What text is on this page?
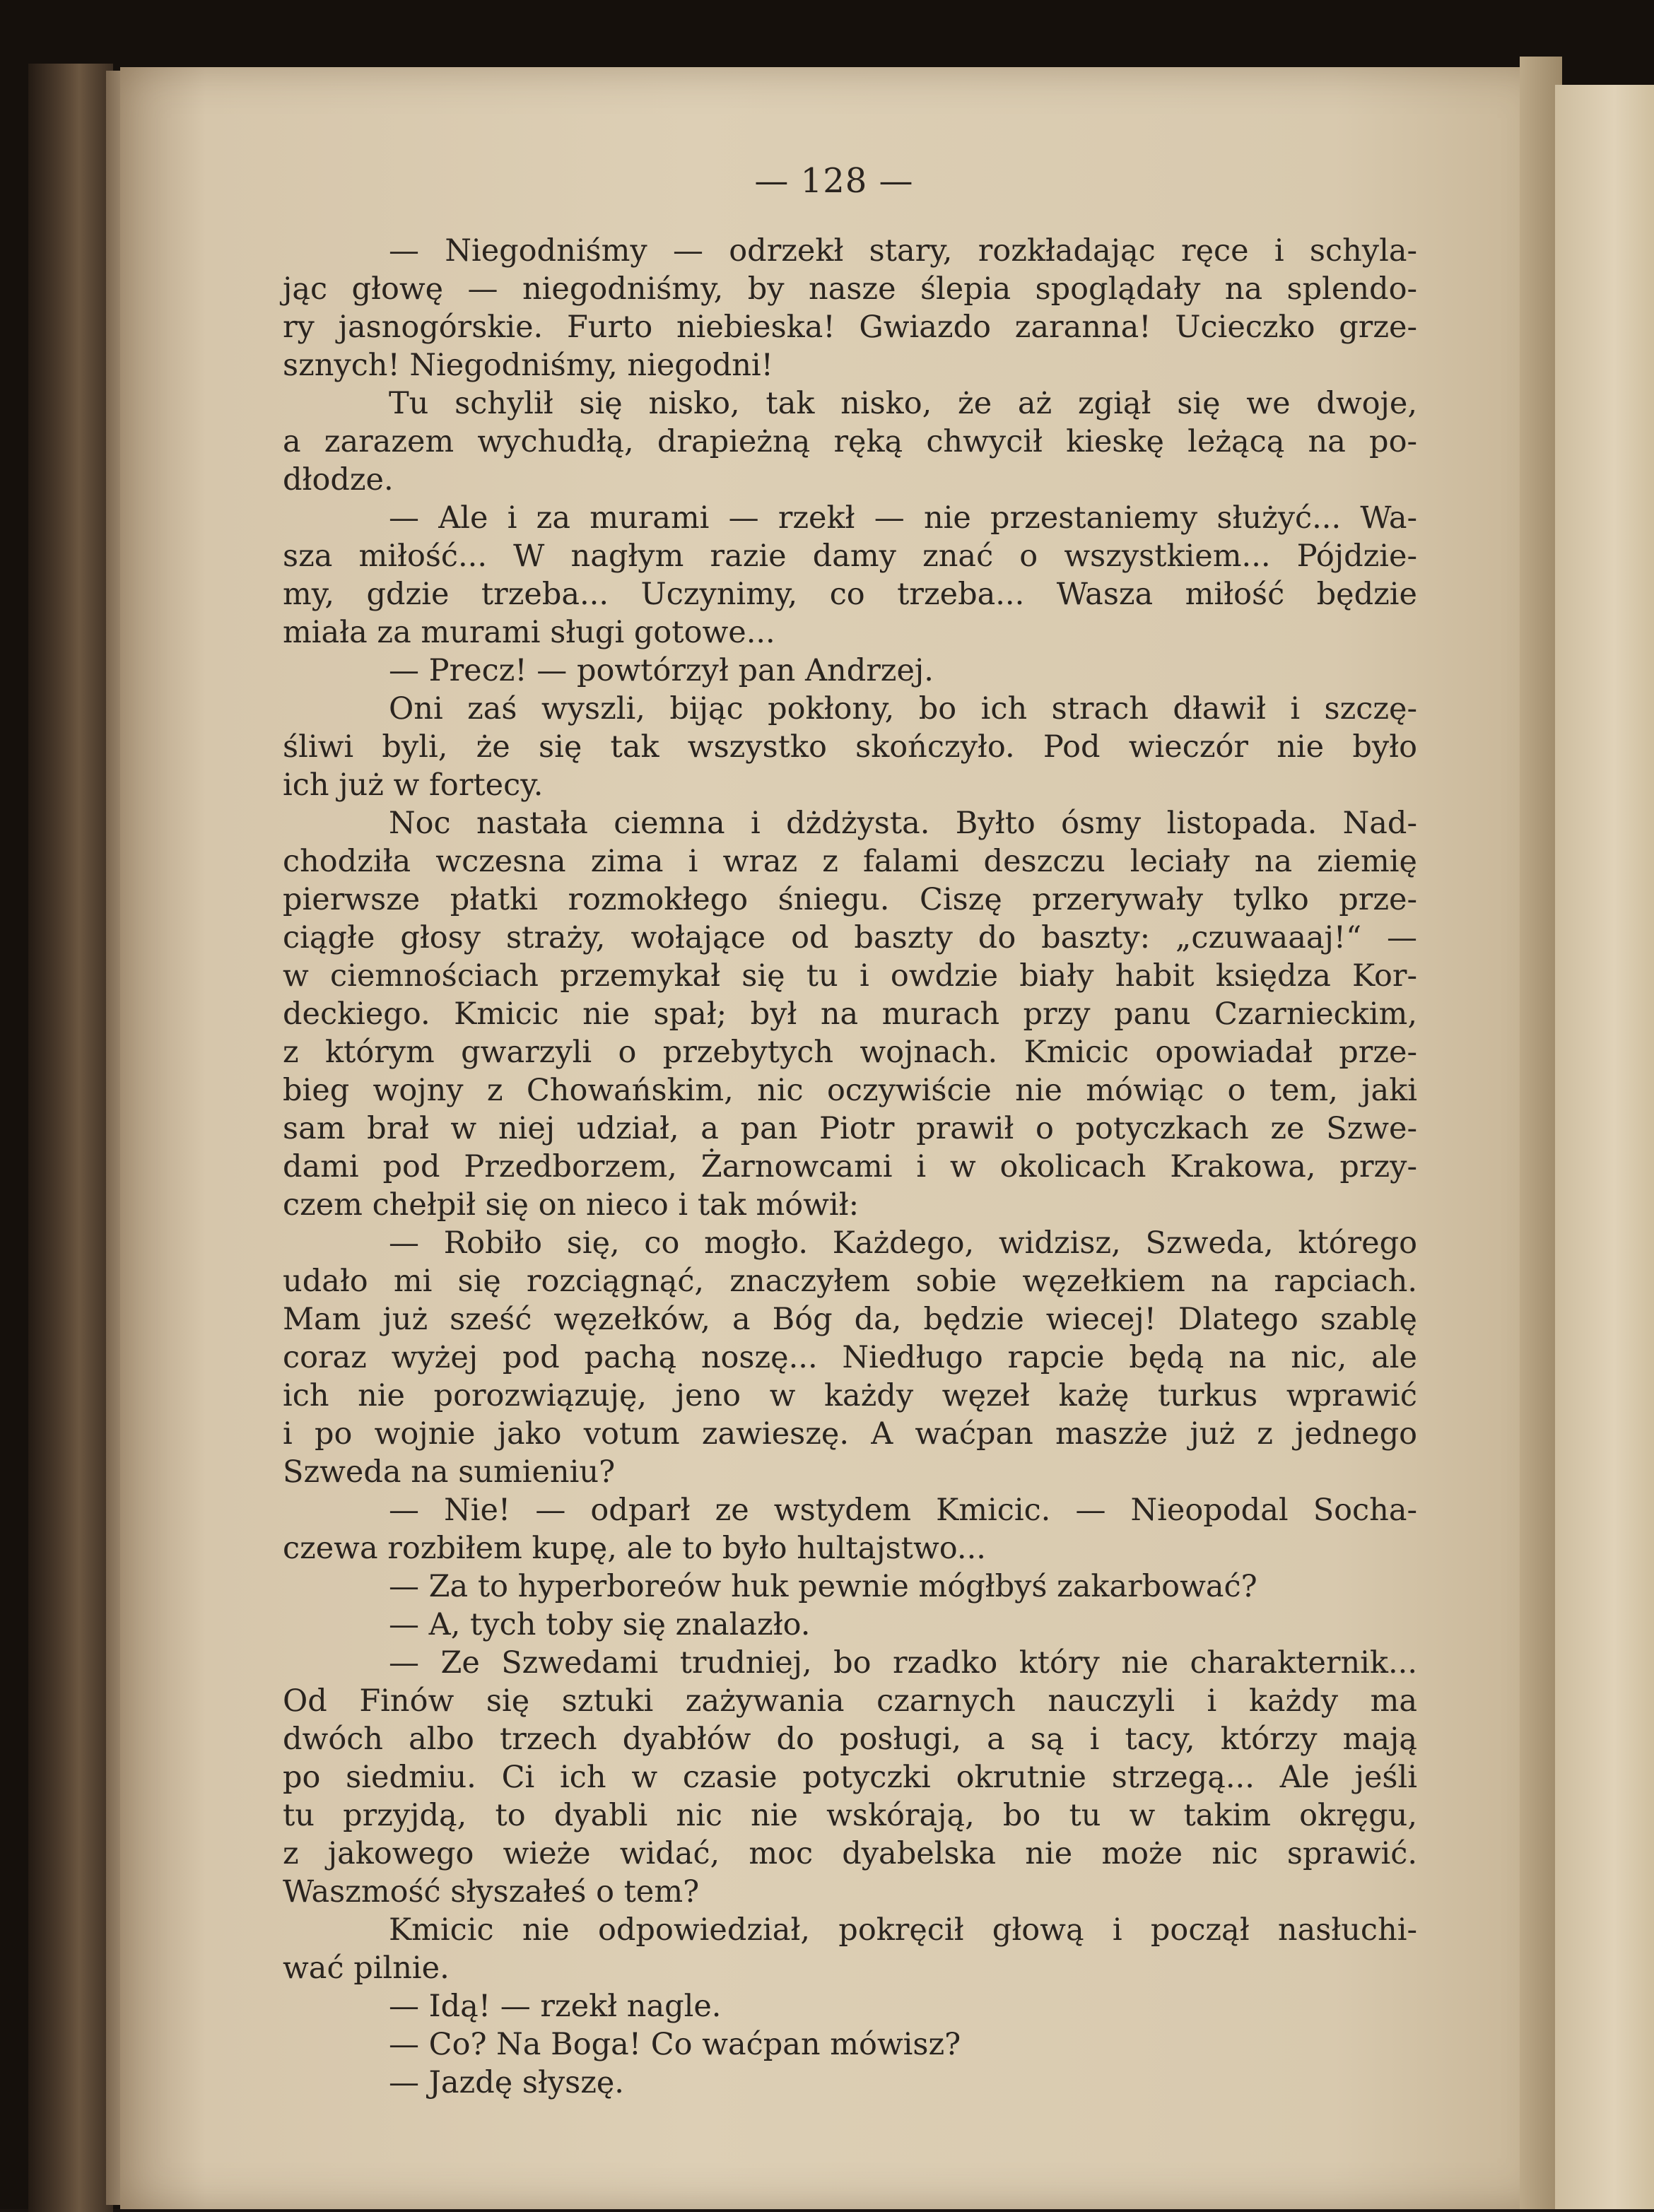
— 128 —
— Niegodniśmy — odrzekł stary, rozkładając ręce i schyla-
jąc głowę — niegodniśmy, by nasze ślepia spoglądały na splendo-
ry jasnogórskie. Furto niebieska! Gwiazdo zaranna! Ucieczko grze-
sznych! Niegodniśmy, niegodni!
Tu schylił się nisko, tak nisko, że aż zgiął się we dwoje,
a zarazem wychudłą, drapieżną ręką chwycił kieskę leżącą na po-
dłodze.
— Ale i za murami — rzekł — nie przestaniemy służyć... Wa-
sza miłość... W nagłym razie damy znać o wszystkiem... Pójdzie-
my, gdzie trzeba... Uczynimy, co trzeba... Wasza miłość będzie
miała za murami sługi gotowe...
— Precz! — powtórzył pan Andrzej.
Oni zaś wyszli, bijąc pokłony, bo ich strach dławił i szczę-
śliwi byli, że się tak wszystko skończyło. Pod wieczór nie było
ich już w fortecy.
Noc nastała ciemna i dżdżysta. Byłto ósmy listopada. Nad-
chodziła wczesna zima i wraz z falami deszczu leciały na ziemię
pierwsze płatki rozmokłego śniegu. Ciszę przerywały tylko prze-
ciągłe głosy straży, wołające od baszty do baszty: „czuwaaaj!“ —
w ciemnościach przemykał się tu i owdzie biały habit księdza Kor-
deckiego. Kmicic nie spał; był na murach przy panu Czarnieckim,
z którym gwarzyli o przebytych wojnach. Kmicic opowiadał prze-
bieg wojny z Chowańskim, nic oczywiście nie mówiąc o tem, jaki
sam brał w niej udział, a pan Piotr prawił o potyczkach ze Szwe-
dami pod Przedborzem, Żarnowcami i w okolicach Krakowa, przy-
czem chełpił się on nieco i tak mówił:
— Robiło się, co mogło. Każdego, widzisz, Szweda, którego
udało mi się rozciągnąć, znaczyłem sobie węzełkiem na rapciach.
Mam już sześć węzełków, a Bóg da, będzie wiecej! Dlatego szablę
coraz wyżej pod pachą noszę... Niedługo rapcie będą na nic, ale
ich nie porozwiązuję, jeno w każdy węzeł każę turkus wprawić
i po wojnie jako votum zawieszę. A waćpan maszże już z jednego
Szweda na sumieniu?
— Nie! — odparł ze wstydem Kmicic. — Nieopodal Socha-
czewa rozbiłem kupę, ale to było hultajstwo...
— Za to hyperboreów huk pewnie mógłbyś zakarbować?
— A, tych toby się znalazło.
— Ze Szwedami trudniej, bo rzadko który nie charakternik...
Od Finów się sztuki zażywania czarnych nauczyli i każdy ma
dwóch albo trzech dyabłów do posługi, a są i tacy, którzy mają
po siedmiu. Ci ich w czasie potyczki okrutnie strzegą... Ale jeśli
tu przyjdą, to dyabli nic nie wskórają, bo tu w takim okręgu,
z jakowego wieże widać, moc dyabelska nie może nic sprawić.
Waszmość słyszałeś o tem?
Kmicic nie odpowiedział, pokręcił głową i począł nasłuchi-
wać pilnie.
— Idą! — rzekł nagle.
— Co? Na Boga! Co waćpan mówisz?
— Jazdę słyszę.
